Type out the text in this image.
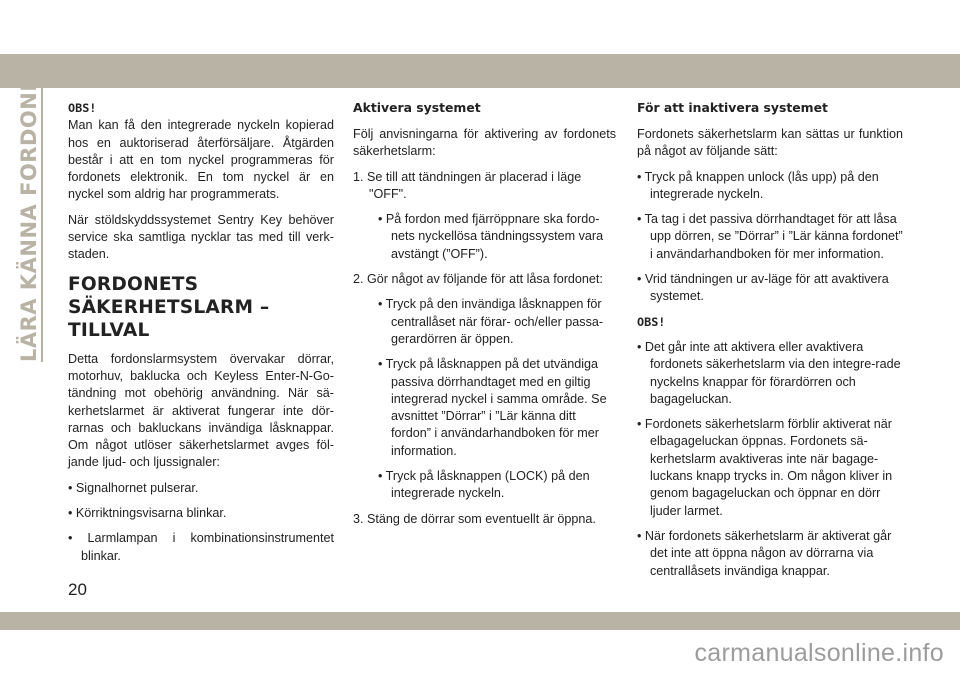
LÄRA KÄNNA FORDONET OBS!

Man kan få den integrerade nyckeln kopierad hos en auktoriserad återförsäljare. Åtgärden består i att en tom nyckel programmeras för fordonets elektronik. En tom nyckel är en nyckel som aldrig har programmerats.

När stöldskyddssystemet Sentry Key behöver service ska samtliga nycklar tas med till verk-staden.

FORDONETS
SÄKERHETSLARM – TILLVAL

Detta fordonslarmsystem övervakar dörrar, motorhuv, baklucka och Keyless Enter-N-Go-tändning mot obehörig användning. När sä-kerhetslarmet är aktiverat fungerar inte dör-rarnas och bakluckans invändiga låsknappar. Om något utlöser säkerhetslarmet avges föl-jande ljud- och ljussignaler:

• Signalhornet pulserar.

• Körriktningsvisarna blinkar.

• Larmlampan i kombinationsinstrumentet blinkar.

Aktivera systemet

Följ anvisningarna för aktivering av fordonets säkerhetslarm:

1. Se till att tändningen är placerad i läge "OFF".

• På fordon med fjärröppnare ska fordo-nets nyckellösa tändningssystem vara avstängt (”OFF”).

2. Gör något av följande för att låsa fordonet:

• Tryck på den invändiga låsknappen för centrallåset när förar- och/eller passa-gerardörren är öppen.

• Tryck på låsknappen på det utvändiga passiva dörrhandtaget med en giltig integrerad nyckel i samma område. Se avsnittet ”Dörrar” i ”Lär känna ditt fordon” i användarhandboken för mer information.

• Tryck på låsknappen (LOCK) på den integrerade nyckeln.

3. Stäng de dörrar som eventuellt är öppna.

För att inaktivera systemet

Fordonets säkerhetslarm kan sättas ur funktion på något av följande sätt:

• Tryck på knappen unlock (lås upp) på den integrerade nyckeln.

• Ta tag i det passiva dörrhandtaget för att låsa upp dörren, se ”Dörrar” i ”Lär känna fordonet” i användarhandboken för mer information.

• Vrid tändningen ur av-läge för att avaktivera systemet.

OBS!

• Det går inte att aktivera eller avaktivera fordonets säkerhetslarm via den integre-rade nyckelns knappar för förardörren och bagageluckan.

• Fordonets säkerhetslarm förblir aktiverat när elbagageluckan öppnas. Fordonets sä-kerhetslarm avaktiveras inte när bagage-luckans knapp trycks in. Om någon kliver in genom bagageluckan och öppnar en dörr ljuder larmet.

• När fordonets säkerhetslarm är aktiverat går det inte att öppna någon av dörrarna via centrallåsets invändiga knappar.

20
carmanualsonline.info
